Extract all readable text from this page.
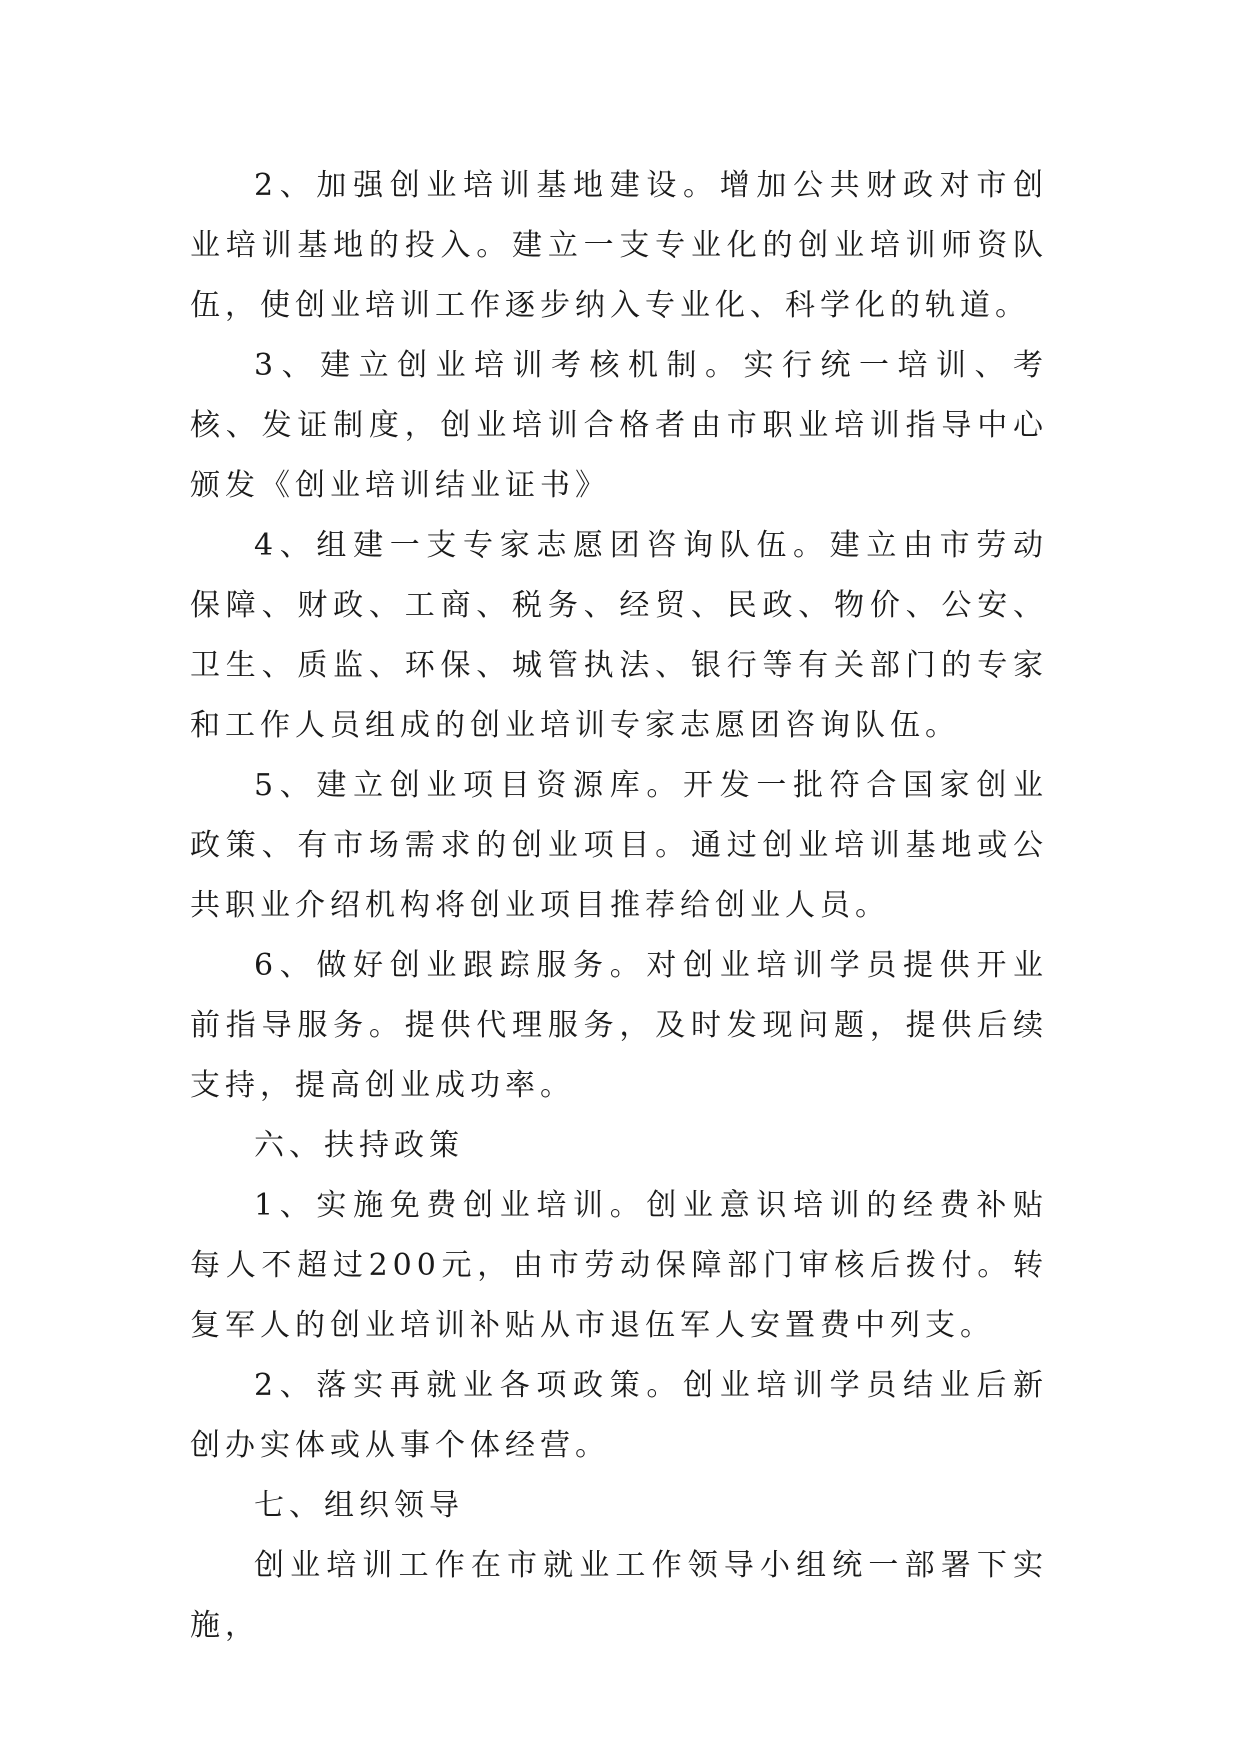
2、加强创业培训基地建设。增加公共财政对市创业培训基地的投入。建立一支专业化的创业培训师资队伍，使创业培训工作逐步纳入专业化、科学化的轨道。

3、建立创业培训考核机制。实行统一培训、考核、发证制度，创业培训合格者由市职业培训指导中心颁发《创业培训结业证书》

4、组建一支专家志愿团咨询队伍。建立由市劳动保障、财政、工商、税务、经贸、民政、物价、公安、卫生、质监、环保、城管执法、银行等有关部门的专家和工作人员组成的创业培训专家志愿团咨询队伍。

5、建立创业项目资源库。开发一批符合国家创业政策、有市场需求的创业项目。通过创业培训基地或公共职业介绍机构将创业项目推荐给创业人员。

6、做好创业跟踪服务。对创业培训学员提供开业前指导服务。提供代理服务，及时发现问题，提供后续支持，提高创业成功率。

六、扶持政策

1、实施免费创业培训。创业意识培训的经费补贴每人不超过200元，由市劳动保障部门审核后拨付。转复军人的创业培训补贴从市退伍军人安置费中列支。

2、落实再就业各项政策。创业培训学员结业后新创办实体或从事个体经营。

七、组织领导

创业培训工作在市就业工作领导小组统一部署下实施，
